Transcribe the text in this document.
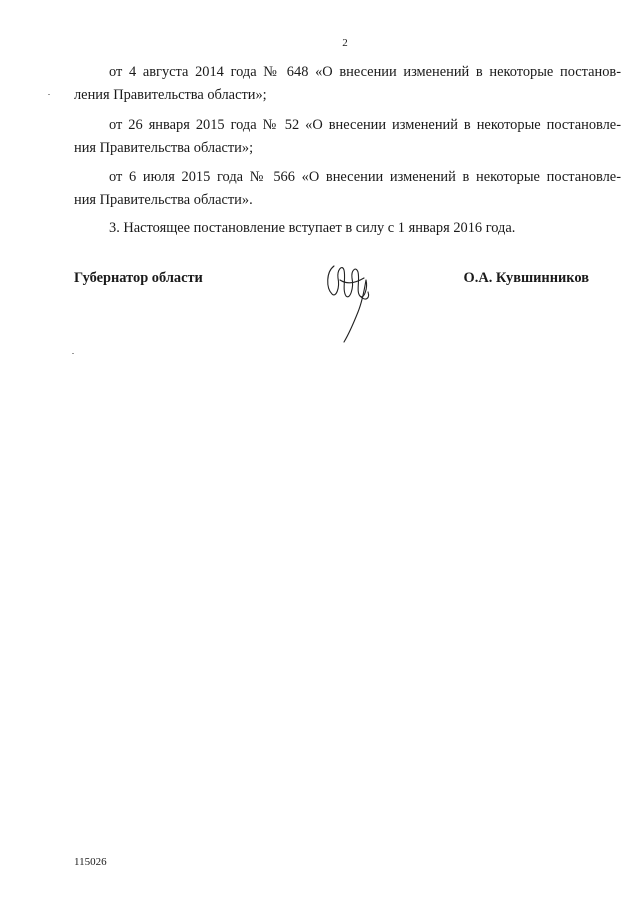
2
от 4 августа 2014 года № 648 «О внесении изменений в некоторые постанов-
ления Правительства области»;
от 26 января 2015 года № 52 «О внесении изменений в некоторые постановле-
ния Правительства области»;
от 6 июля 2015 года № 566 «О внесении изменений в некоторые постановле-
ния Правительства области».
3. Настоящее постановление вступает в силу с 1 января 2016 года.
Губернатор области	О.А. Кувшинников
115026
